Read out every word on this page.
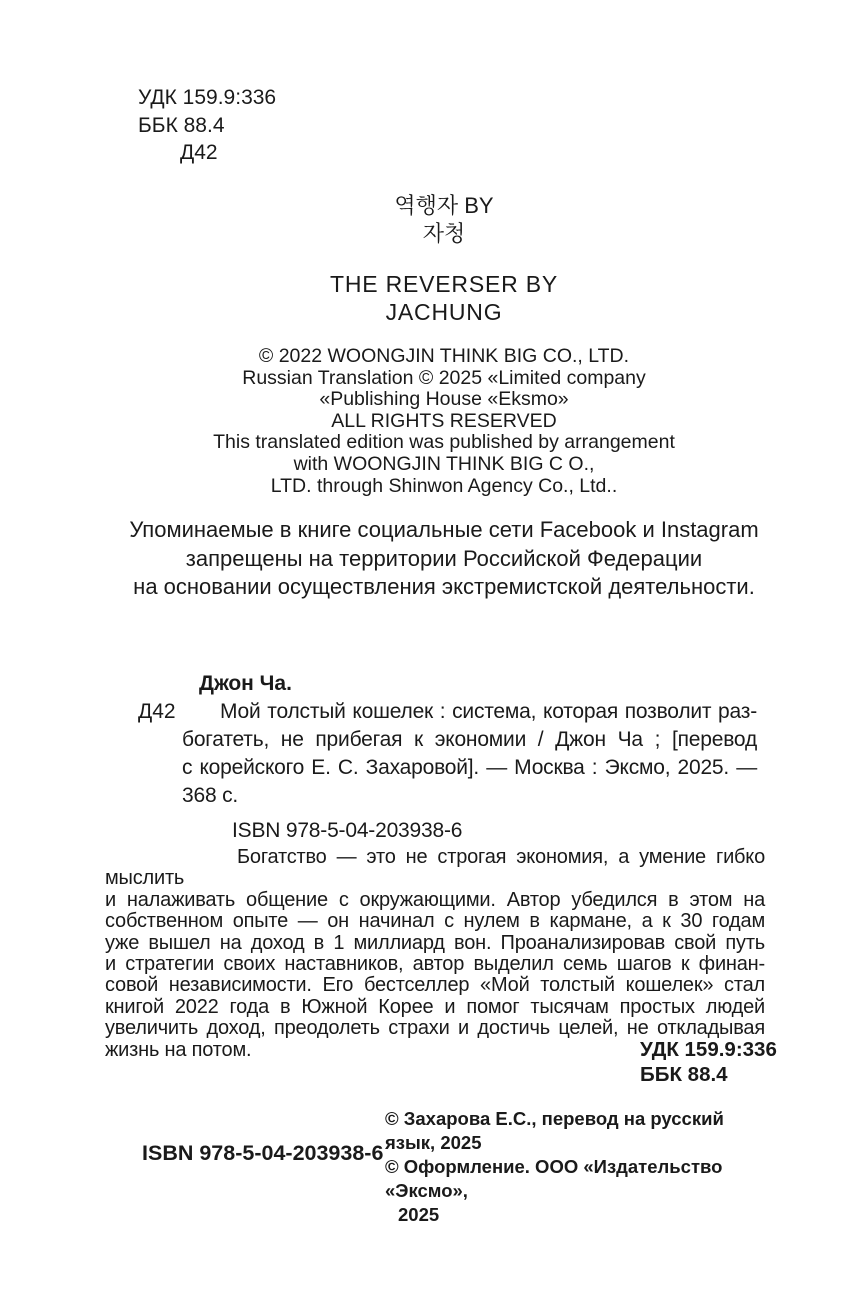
УДК 159.9:336
ББК 88.4
Д42
역행자 BY
자청
THE REVERSER BY
JACHUNG
© 2022 WOONGJIN THINK BIG CO., LTD.
Russian Translation © 2025 «Limited company
«Publishing House «Eksmo»
ALL RIGHTS RESERVED
This translated edition was published by arrangement
with WOONGJIN THINK BIG C O.,
LTD. through Shinwon Agency Co., Ltd..
Упоминаемые в книге социальные сети Facebook и Instagram
запрещены на территории Российской Федерации
на основании осуществления экстремистской деятельности.
Д42
Джон Ча.
Мой толстый кошелек : система, которая позволит раз-
богатеть, не прибегая к экономии / Джон Ча ; [перевод
с корейского Е. С. Захаровой]. — Москва : Эксмо, 2025. —
368 с.
ISBN 978-5-04-203938-6
Богатство — это не строгая экономия, а умение гибко мыслить
и налаживать общение с окружающими. Автор убедился в этом на
собственном опыте — он начинал с нулем в кармане, а к 30 годам
уже вышел на доход в 1 миллиард вон. Проанализировав свой путь
и стратегии своих наставников, автор выделил семь шагов к финан-
совой независимости. Его бестселлер «Мой толстый кошелек» стал
книгой 2022 года в Южной Корее и помог тысячам простых людей
увеличить доход, преодолеть страхи и достичь целей, не откладывая
жизнь на потом.	УДК 159.9:336
ББК 88.4
ISBN 978-5-04-203938-6
© Захарова Е.С., перевод на русский язык, 2025
© Оформление. ООО «Издательство «Эксмо»,
2025
